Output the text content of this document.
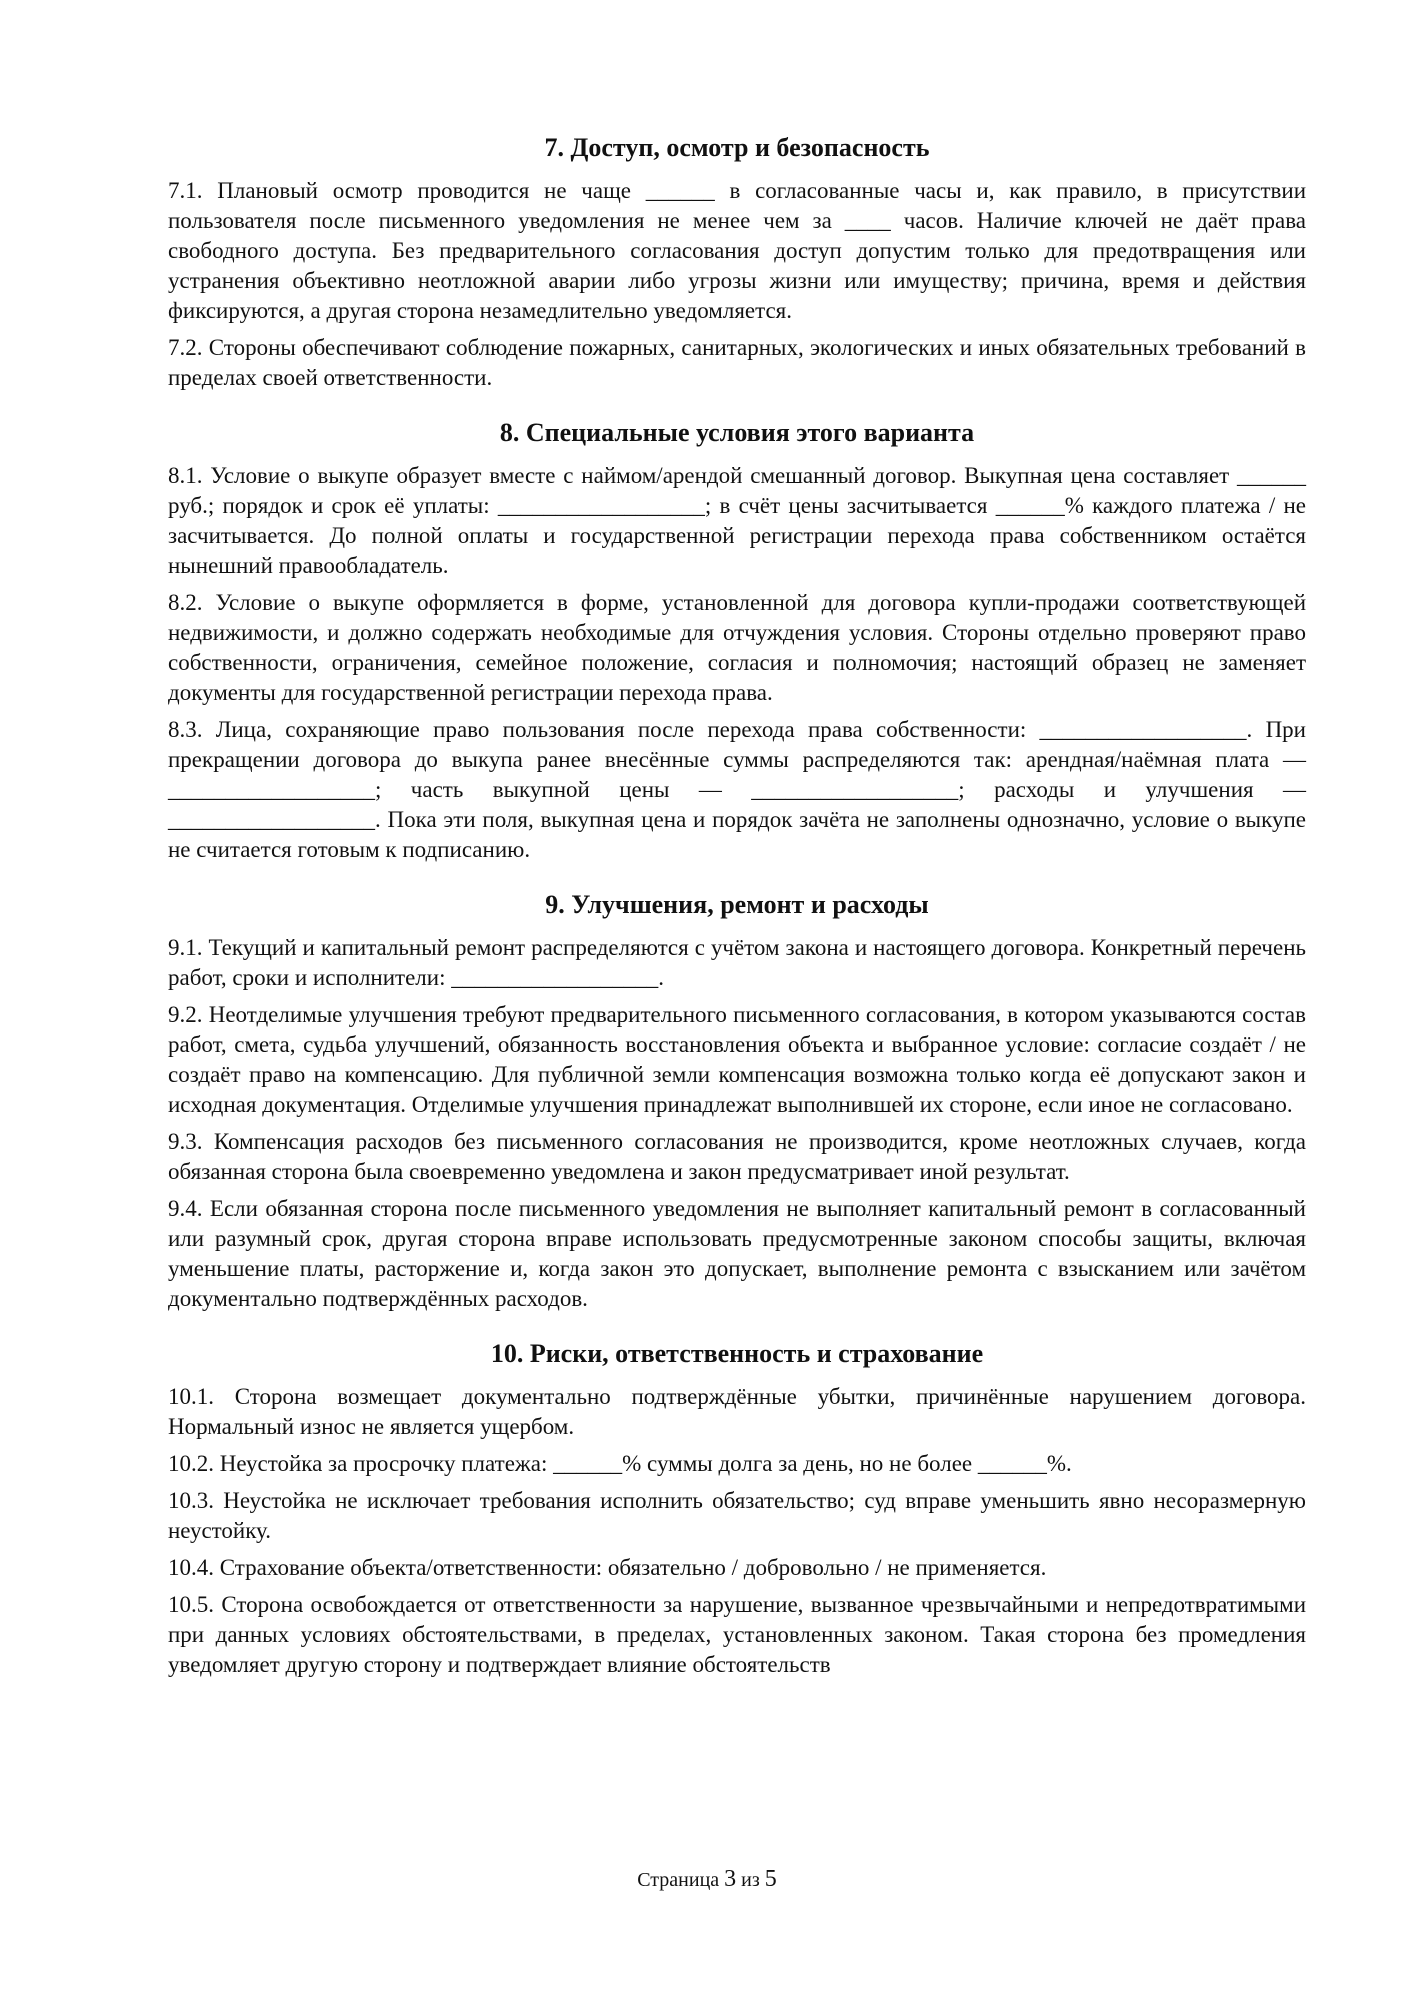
7. Доступ, осмотр и безопасность

7.1. Плановый осмотр проводится не чаще ______ в согласованные часы и, как правило, в присутствии пользователя после письменного уведомления не менее чем за ____ часов. Наличие ключей не даёт права свободного доступа. Без предварительного согласования доступ допустим только для предотвращения или устранения объективно неотложной аварии либо угрозы жизни или имуществу; причина, время и действия фиксируются, а другая сторона незамедлительно уведомляется.

7.2. Стороны обеспечивают соблюдение пожарных, санитарных, экологических и иных обязательных требований в пределах своей ответственности.

8. Специальные условия этого варианта

8.1. Условие о выкупе образует вместе с наймом/арендой смешанный договор. Выкупная цена составляет ______ руб.; порядок и срок её уплаты: __________________; в счёт цены засчитывается ______% каждого платежа / не засчитывается. До полной оплаты и государственной регистрации перехода права собственником остаётся нынешний правообладатель.

8.2. Условие о выкупе оформляется в форме, установленной для договора купли-продажи соответствующей недвижимости, и должно содержать необходимые для отчуждения условия. Стороны отдельно проверяют право собственности, ограничения, семейное положение, согласия и полномочия; настоящий образец не заменяет документы для государственной регистрации перехода права.

8.3. Лица, сохраняющие право пользования после перехода права собственности: __________________. При прекращении договора до выкупа ранее внесённые суммы распределяются так: арендная/наёмная плата — __________________; часть выкупной цены — __________________; расходы и улучшения — __________________. Пока эти поля, выкупная цена и порядок зачёта не заполнены однозначно, условие о выкупе не считается готовым к подписанию.

9. Улучшения, ремонт и расходы

9.1. Текущий и капитальный ремонт распределяются с учётом закона и настоящего договора. Конкретный перечень работ, сроки и исполнители: __________________.

9.2. Неотделимые улучшения требуют предварительного письменного согласования, в котором указываются состав работ, смета, судьба улучшений, обязанность восстановления объекта и выбранное условие: согласие создаёт / не создаёт право на компенсацию. Для публичной земли компенсация возможна только когда её допускают закон и исходная документация. Отделимые улучшения принадлежат выполнившей их стороне, если иное не согласовано.

9.3. Компенсация расходов без письменного согласования не производится, кроме неотложных случаев, когда обязанная сторона была своевременно уведомлена и закон предусматривает иной результат.

9.4. Если обязанная сторона после письменного уведомления не выполняет капитальный ремонт в согласованный или разумный срок, другая сторона вправе использовать предусмотренные законом способы защиты, включая уменьшение платы, расторжение и, когда закон это допускает, выполнение ремонта с взысканием или зачётом документально подтверждённых расходов.

10. Риски, ответственность и страхование

10.1. Сторона возмещает документально подтверждённые убытки, причинённые нарушением договора. Нормальный износ не является ущербом.

10.2. Неустойка за просрочку платежа: ______% суммы долга за день, но не более ______%.

10.3. Неустойка не исключает требования исполнить обязательство; суд вправе уменьшить явно несоразмерную неустойку.

10.4. Страхование объекта/ответственности: обязательно / добровольно / не применяется.

10.5. Сторона освобождается от ответственности за нарушение, вызванное чрезвычайными и непредотвратимыми при данных условиях обстоятельствами, в пределах, установленных законом. Такая сторона без промедления уведомляет другую сторону и подтверждает влияние обстоятельств

Страница 3 из 5
